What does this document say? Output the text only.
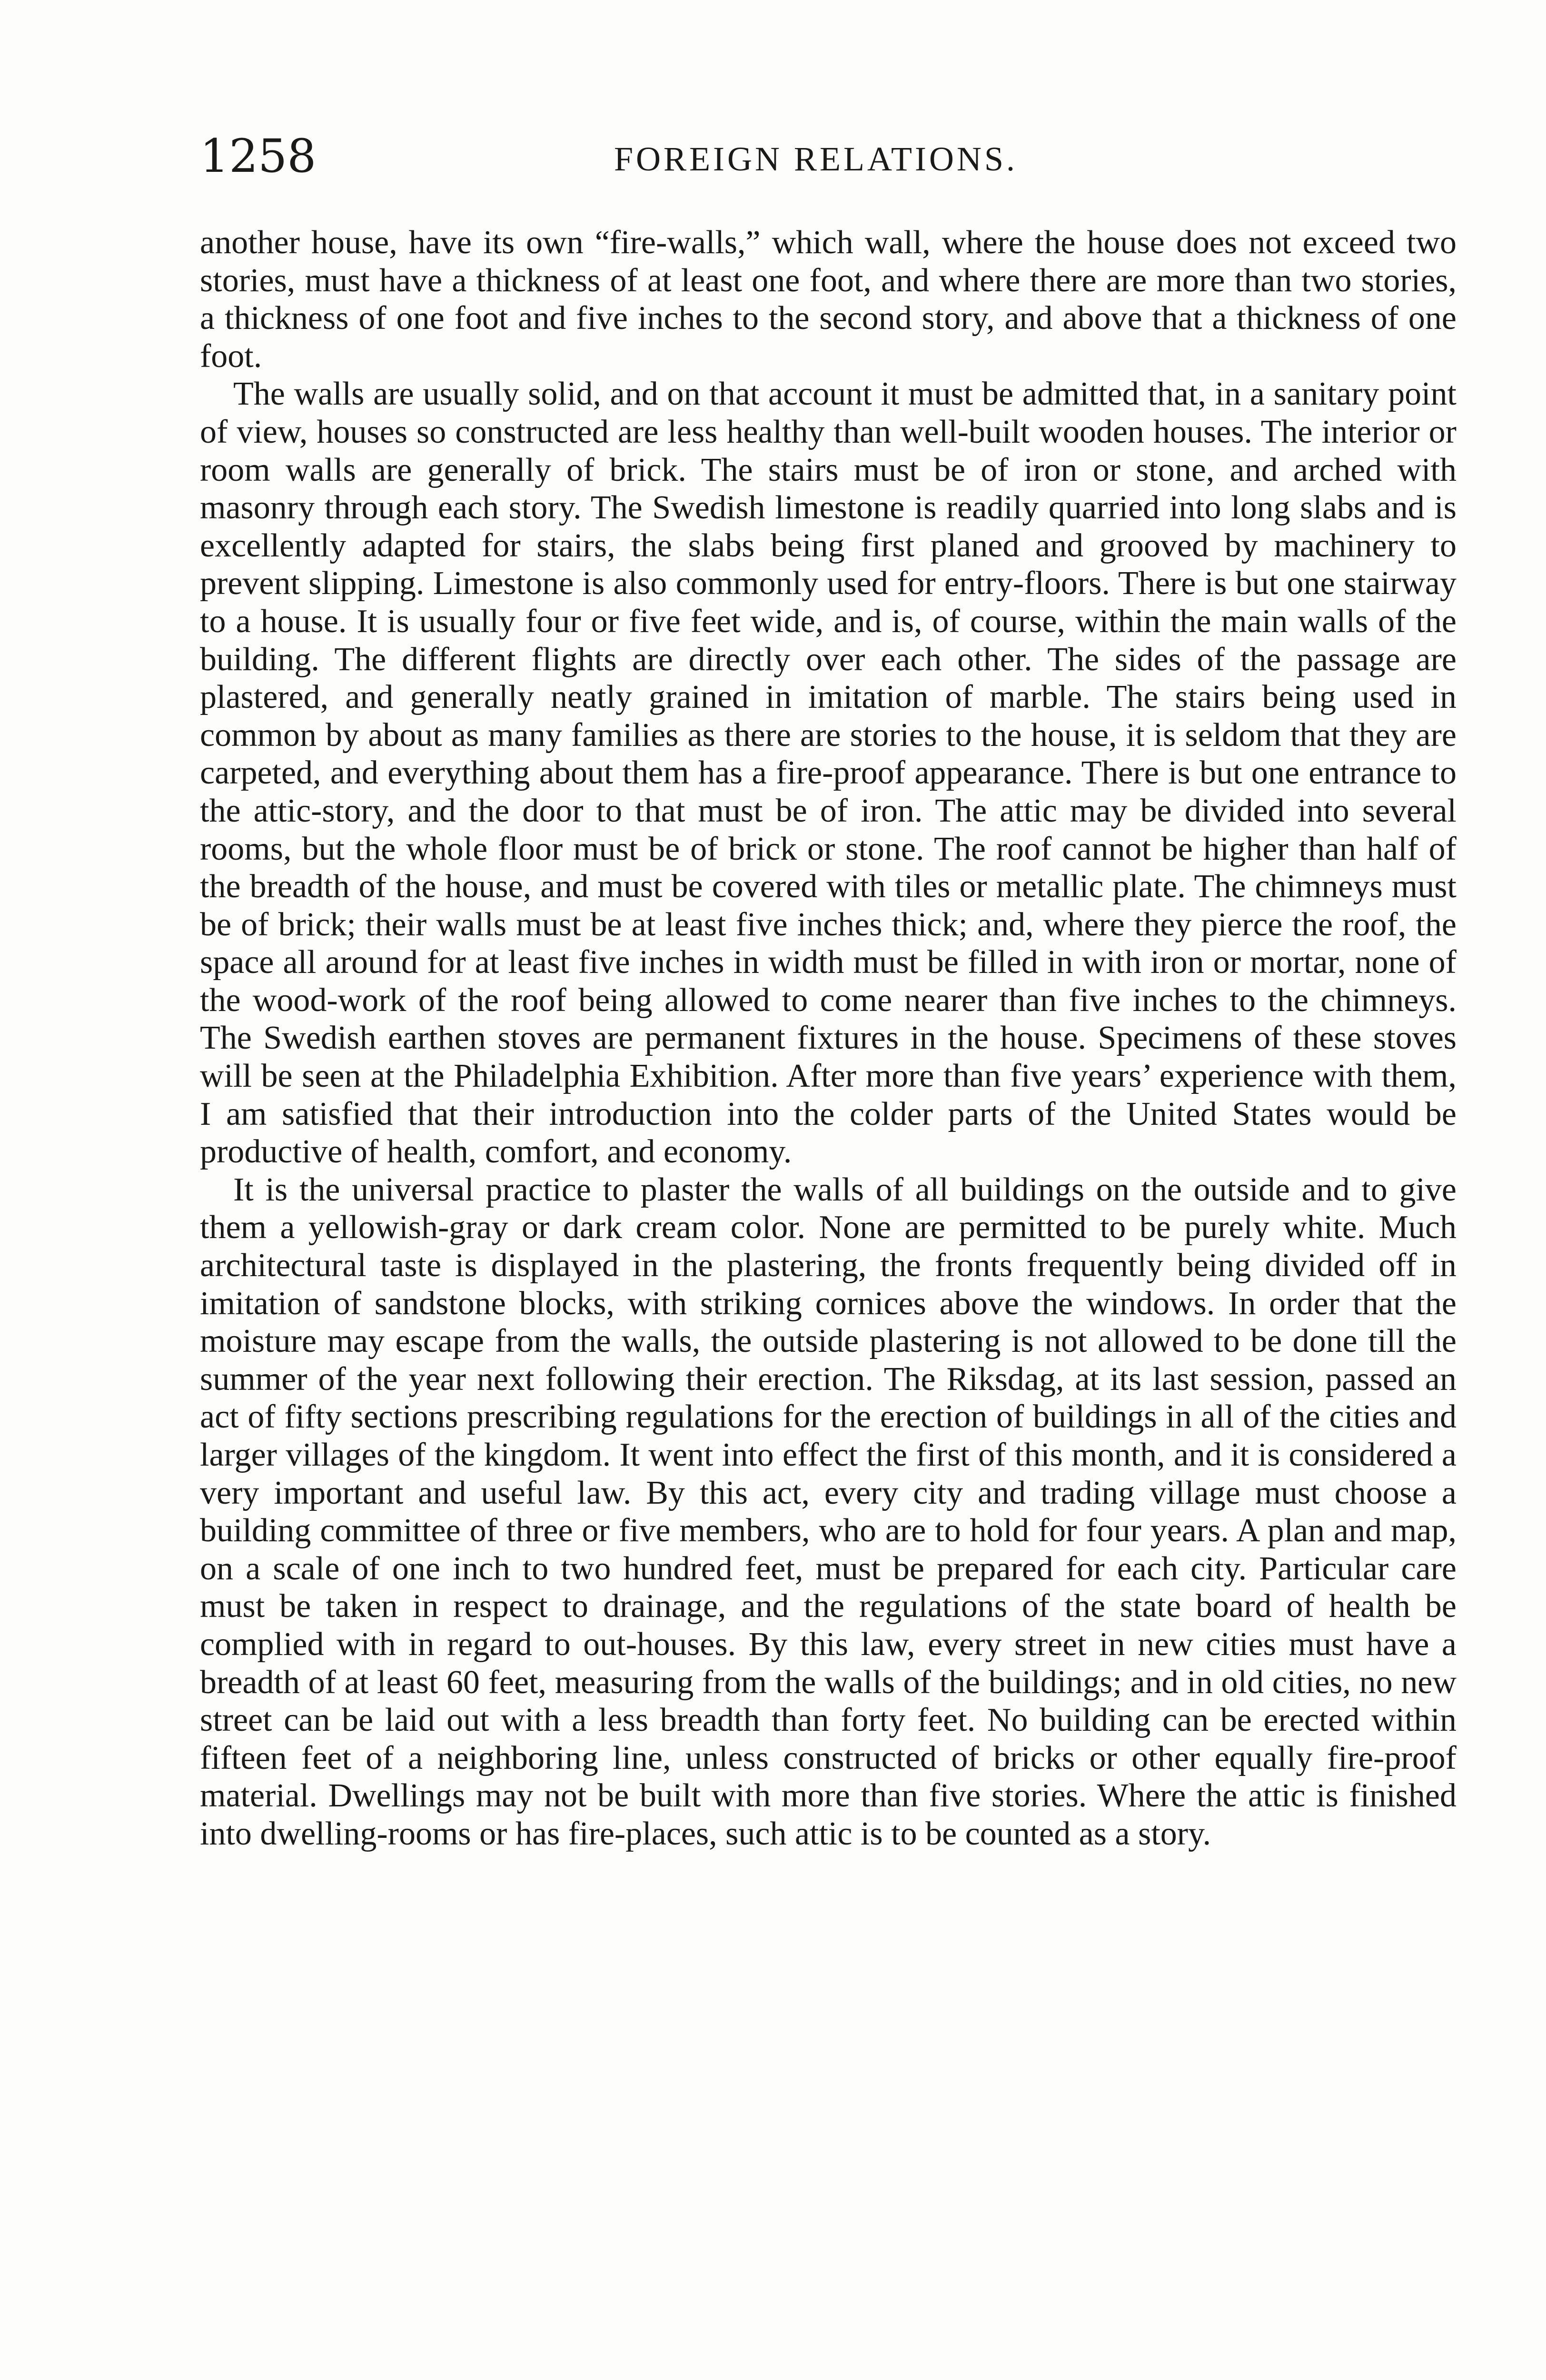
1258	FOREIGN RELATIONS.

another house, have its own “fire-walls,” which wall, where the house does not exceed two stories, must have a thickness of at least one foot, and where there are more than two stories, a thickness of one foot and five inches to the second story, and above that a thickness of one foot.

The walls are usually solid, and on that account it must be admitted that, in a sanitary point of view, houses so constructed are less healthy than well-built wooden houses. The interior or room walls are generally of brick. The stairs must be of iron or stone, and arched with masonry through each story. The Swedish limestone is readily quarried into long slabs and is excellently adapted for stairs, the slabs being first planed and grooved by machinery to prevent slipping. Limestone is also commonly used for entry-floors. There is but one stairway to a house. It is usually four or five feet wide, and is, of course, within the main walls of the building. The different flights are directly over each other. The sides of the passage are plastered, and generally neatly grained in imitation of marble. The stairs being used in common by about as many families as there are stories to the house, it is seldom that they are carpeted, and everything about them has a fire-proof appearance. There is but one entrance to the attic-story, and the door to that must be of iron. The attic may be divided into several rooms, but the whole floor must be of brick or stone. The roof cannot be higher than half of the breadth of the house, and must be covered with tiles or metallic plate. The chimneys must be of brick; their walls must be at least five inches thick; and, where they pierce the roof, the space all around for at least five inches in width must be filled in with iron or mortar, none of the wood-work of the roof being allowed to come nearer than five inches to the chimneys. The Swedish earthen stoves are permanent fixtures in the house. Specimens of these stoves will be seen at the Philadelphia Exhibition. After more than five years’ experience with them, I am satisfied that their introduction into the colder parts of the United States would be productive of health, comfort, and economy.

It is the universal practice to plaster the walls of all buildings on the outside and to give them a yellowish-gray or dark cream color. None are permitted to be purely white. Much architectural taste is displayed in the plastering, the fronts frequently being divided off in imitation of sandstone blocks, with striking cornices above the windows. In order that the moisture may escape from the walls, the outside plastering is not allowed to be done till the summer of the year next following their erection. The Riksdag, at its last session, passed an act of fifty sections prescribing regulations for the erection of buildings in all of the cities and larger villages of the kingdom. It went into effect the first of this month, and it is considered a very important and useful law. By this act, every city and trading village must choose a building committee of three or five members, who are to hold for four years. A plan and map, on a scale of one inch to two hundred feet, must be prepared for each city. Particular care must be taken in respect to drainage, and the regulations of the state board of health be complied with in regard to out-houses. By this law, every street in new cities must have a breadth of at least 60 feet, measuring from the walls of the buildings; and in old cities, no new street can be laid out with a less breadth than forty feet. No building can be erected within fifteen feet of a neighboring line, unless constructed of bricks or other equally fire-proof material. Dwellings may not be built with more than five stories. Where the attic is finished into dwelling-rooms or has fire-places, such attic is to be counted as a story.
